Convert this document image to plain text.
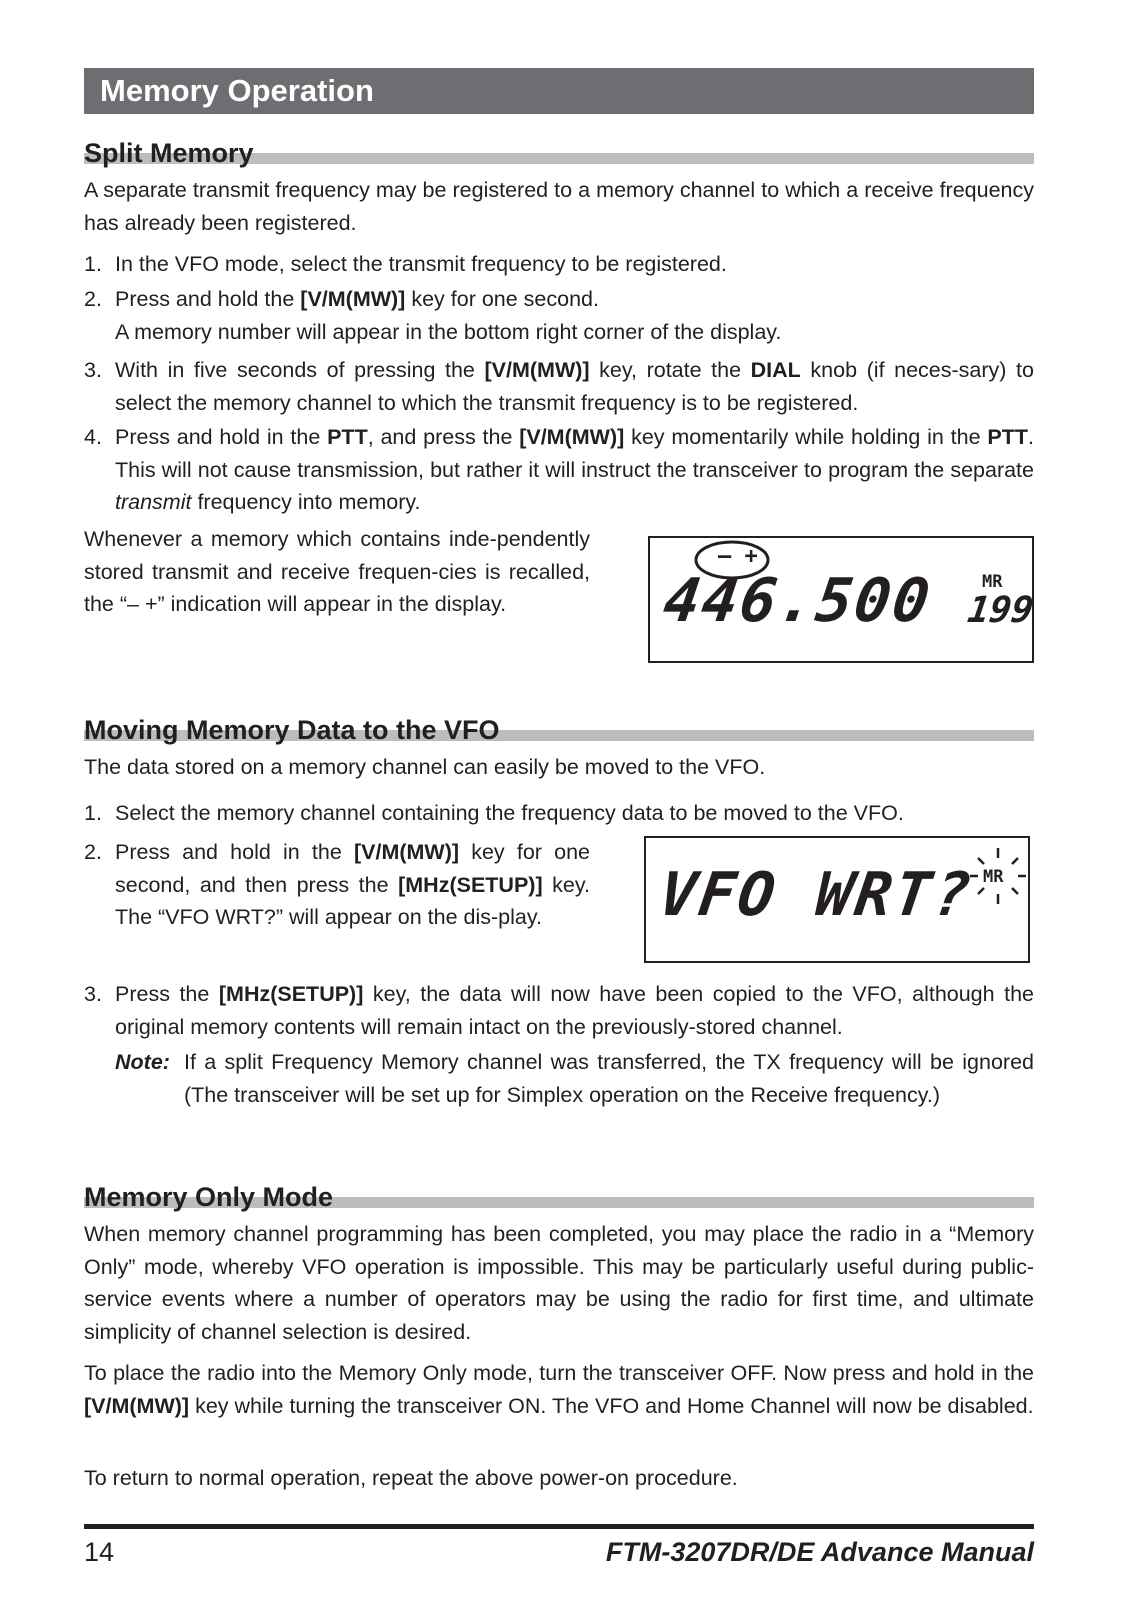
Memory Operation
Split Memory

A separate transmit frequency may be registered to a memory channel to which a receive frequency has already been registered.

1. In the VFO mode, select the transmit frequency to be registered.
2. Press and hold the [V/M(MW)] key for one second.
A memory number will appear in the bottom right corner of the display.
3. With in five seconds of pressing the [V/M(MW)] key, rotate the DIAL knob (if neces-sary) to select the memory channel to which the transmit frequency is to be registered.
4. Press and hold in the PTT, and press the [V/M(MW)] key momentarily while holding in the PTT. This will not cause transmission, but rather it will instruct the transceiver to program the separate transmit frequency into memory.

Whenever a memory which contains inde-pendently stored transmit and receive frequen-cies is recalled, the “– +” indication will appear in the display.

– +
446.500	MR
199
Moving Memory Data to the VFO

The data stored on a memory channel can easily be moved to the VFO.

1. Select the memory channel containing the frequency data to be moved to the VFO.
2. Press and hold in the [V/M(MW)] key for one second, and then press the [MHz(SETUP)] key. The “VFO WRT?” will appear on the dis-play.	VFO WRT? MR
3. Press the [MHz(SETUP)] key, the data will now have been copied to the VFO, although the original memory contents will remain intact on the previously-stored channel.
Note: If a split Frequency Memory channel was transferred, the TX frequency will be ignored (The transceiver will be set up for Simplex operation on the Receive frequency.)
Memory Only Mode

When memory channel programming has been completed, you may place the radio in a “Memory Only” mode, whereby VFO operation is impossible. This may be particularly useful during public-service events where a number of operators may be using the radio for first time, and ultimate simplicity of channel selection is desired.

To place the radio into the Memory Only mode, turn the transceiver OFF. Now press and hold in the [V/M(MW)] key while turning the transceiver ON. The VFO and Home Channel will now be disabled.

To return to normal operation, repeat the above power-on procedure.

14	FTM-3207DR/DE Advance Manual
